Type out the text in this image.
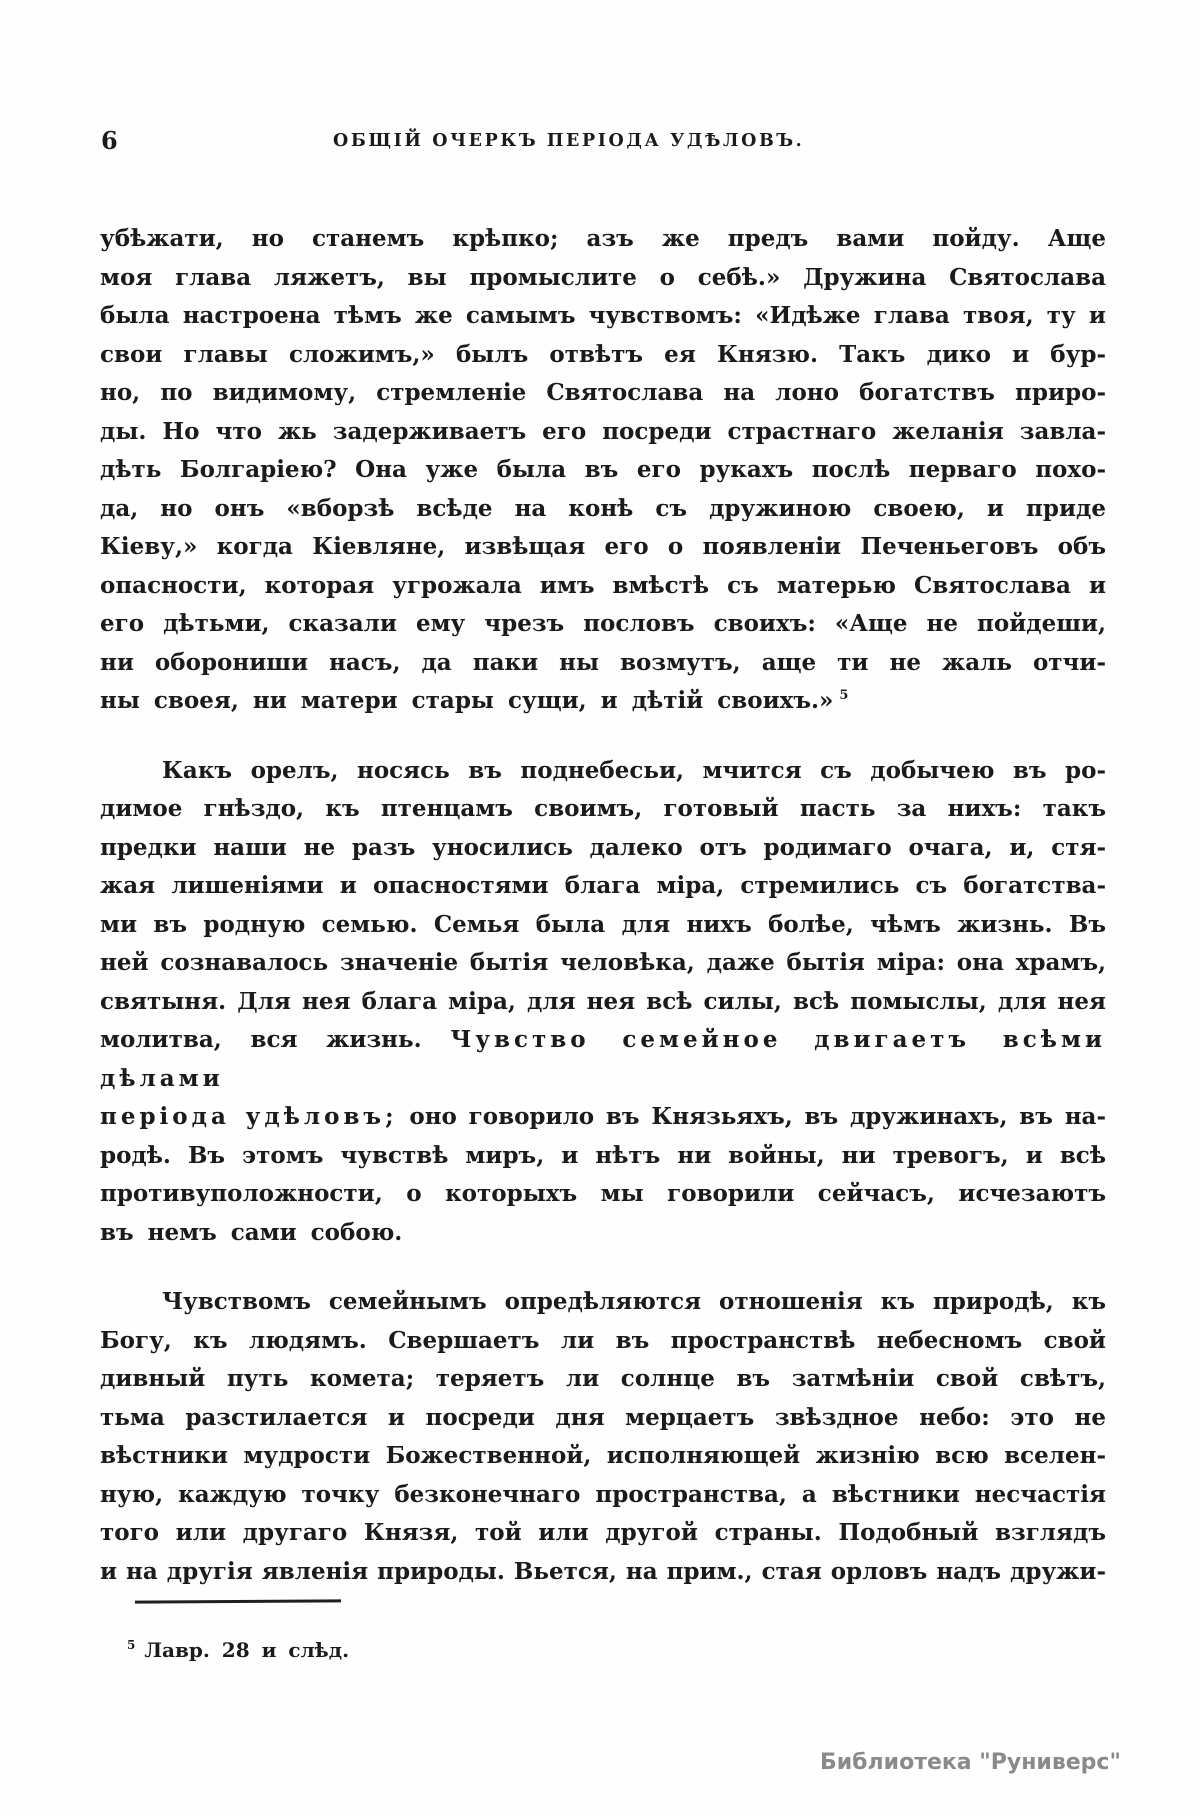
6	ОБЩІЙ ОЧЕРКЪ ПЕРІОДА УДѢЛОВЪ.
убѣжати, но станемъ крѣпко; азъ же предъ вами пойду. Аще
моя глава ляжетъ, вы промыслите о себѣ.» Дружина Святослава
была настроена тѣмъ же самымъ чувствомъ: «Идѣже глава твоя, ту и
свои главы сложимъ,» былъ отвѣтъ ея Князю. Такъ дико и бур-
но, по видимому, стремленіе Святослава на лоно богатствъ приро-
ды. Но что жь задерживаетъ его посреди страстнаго желанія завла-
дѣть Болгаріею? Она уже была въ его рукахъ послѣ перваго похо-
да, но онъ «вборзѣ всѣде на конѣ съ дружиною своею, и приде
Кіеву,» когда Кіевляне, извѣщая его о появленіи Печеньеговъ объ
опасности, которая угрожала имъ вмѣстѣ съ матерью Святослава и
его дѣтьми, сказали ему чрезъ пословъ своихъ: «Аще не пойдеши,
ни оборониши насъ, да паки ны возмутъ, аще ти не жаль отчи-
ны своея, ни матери стары сущи, и дѣтій своихъ.» $^5$
Какъ орелъ, носясь въ поднебесьи, мчится съ добычею въ ро-
димое гнѣздо, къ птенцамъ своимъ, готовый пасть за нихъ: такъ
предки наши не разъ уносились далеко отъ родимаго очага, и, стя-
жая лишеніями и опасностями блага міра, стремились съ богатства-
ми въ родную семью. Семья была для нихъ болѣе, чѣмъ жизнь. Въ
ней сознавалось значеніе бытія человѣка, даже бытія міра: она храмъ,
святыня. Для нея блага міра, для нея всѣ силы, всѣ помыслы, для нея
молитва, вся жизнь. Чувство семейное двигаетъ всѣми дѣлами
періода удѣловъ; оно говорило въ Князьяхъ, въ дружинахъ, въ на-
родѣ. Въ этомъ чувствѣ миръ, и нѣтъ ни войны, ни тревогъ, и всѣ
противуположности, о которыхъ мы говорили сейчасъ, исчезаютъ
въ немъ сами собою.
Чувствомъ семейнымъ опредѣляются отношенія къ природѣ, къ
Богу, къ людямъ. Свершаетъ ли въ пространствѣ небесномъ свой
дивный путь комета; теряетъ ли солнце въ затмѣніи свой свѣтъ,
тьма разстилается и посреди дня мерцаетъ звѣздное небо: это не
вѣстники мудрости Божественной, исполняющей жизнію всю вселен-
ную, каждую точку безконечнаго пространства, а вѣстники несчастія
того или другаго Князя, той или другой страны. Подобный взглядъ
и на другія явленія природы. Вьется, на прим., стая орловъ надъ дружи-
$^5$ Лавр. 28 и слѣд.
Библиотека "Руниверс"
